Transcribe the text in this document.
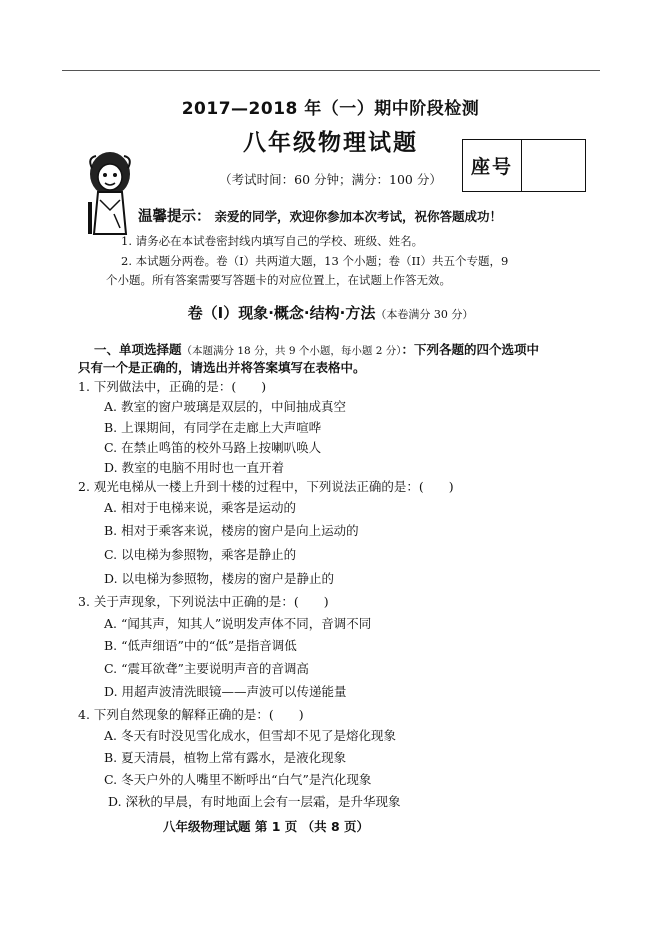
2017—2018 年（一）期中阶段检测
八年级物理试题
（考试时间：60 分钟；满分：100 分）
座号
温馨提示： 亲爱的同学，欢迎你参加本次考试，祝你答题成功！
1. 请务必在本试卷密封线内填写自己的学校、班级、姓名。
2. 本试题分两卷。卷（I）共两道大题，13 个小题；卷（II）共五个专题，9
个小题。所有答案需要写答题卡的对应位置上，在试题上作答无效。
卷（Ⅰ）现象·概念·结构·方法（本卷满分 30 分）
一、单项选择题（本题满分 18 分，共 9 个小题，每小题 2 分）：下列各题的四个选项中
只有一个是正确的，请选出并将答案填写在表格中。
1. 下列做法中，正确的是：(　　)
A. 教室的窗户玻璃是双层的，中间抽成真空
B. 上课期间，有同学在走廊上大声喧哗
C. 在禁止鸣笛的校外马路上按喇叭唤人
D. 教室的电脑不用时也一直开着
2. 观光电梯从一楼上升到十楼的过程中，下列说法正确的是：(　　)
A. 相对于电梯来说，乘客是运动的
B. 相对于乘客来说，楼房的窗户是向上运动的
C. 以电梯为参照物，乘客是静止的
D. 以电梯为参照物，楼房的窗户是静止的
3. 关于声现象，下列说法中正确的是：(　　)
A. “闻其声，知其人”说明发声体不同，音调不同
B. “低声细语”中的“低”是指音调低
C. “震耳欲聋”主要说明声音的音调高
D. 用超声波清洗眼镜——声波可以传递能量
4. 下列自然现象的解释正确的是：(　　)
A. 冬天有时没见雪化成水，但雪却不见了是熔化现象
B. 夏天清晨，植物上常有露水，是液化现象
C. 冬天户外的人嘴里不断呼出“白气”是汽化现象
D. 深秋的早晨，有时地面上会有一层霜，是升华现象
八年级物理试题 第 1 页 （共 8 页）
